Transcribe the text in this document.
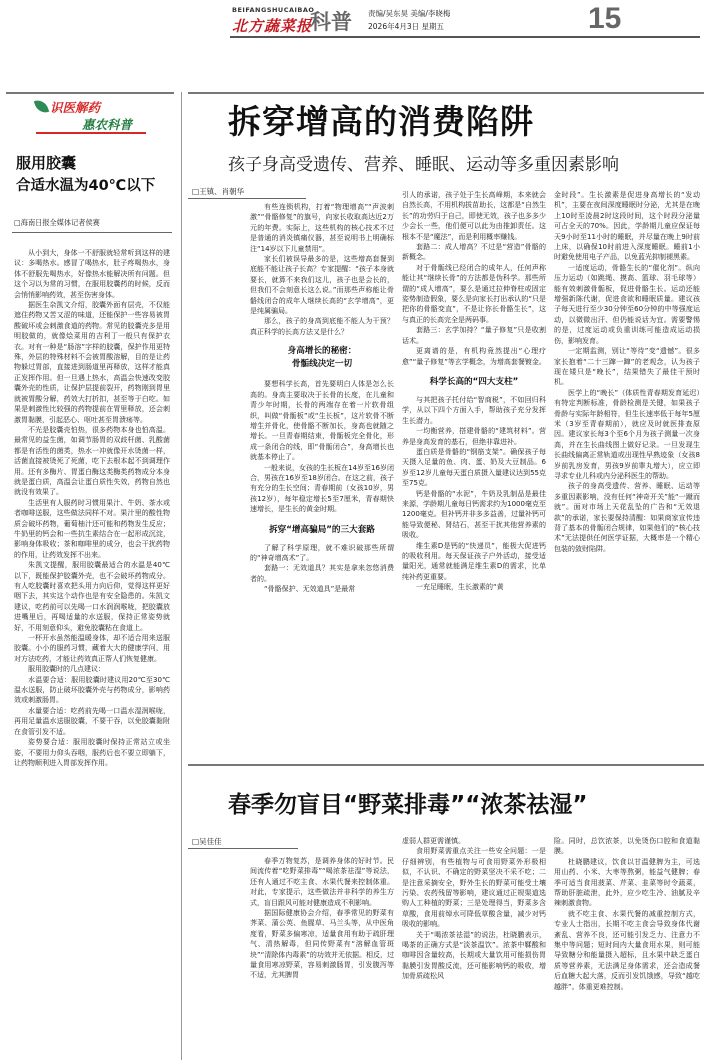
BEIFANGSHUCAIBAO
北方蔬菜报
科普 责编/吴东昊 美编/李晓梅
2026年4月3日 星期五	15
识医解药
惠农科普
服用胶囊
合适水温为40℃以下
□海南日报全媒体记者侯赛

从小到大，身体一不舒服就轻常听到这样的建议：多喝热水。感冒了喝热水，肚子疼喝热水，身体不舒服先喝热水，好像热水能解决所有问题。但这个习以为常的习惯，在服用胶囊药的时候，反而会悄悄影响药效，甚至伤害身体。

据医生杂凯文介绍，胶囊外面有层壳，不仅能遮住药物又苦又涩的味道，还能保护一些容易被胃酸破坏或会刺激食道的药物。常见的胶囊壳多是用明胶做的，就像烩菜用的吉利丁一般只有保护衣衣。对有一种是“肠溶”字样的胶囊，保护作用更特殊，外层的特殊材料不会被胃酸溶解，目的是让药物躲过胃部，直接进到肠道里再释放，这样才能真正发挥作用。但一旦遇上热水，高温会快速改变胶囊外壳的性质，让保护层提前裂开，药物刚到胃里就被胃酸分解，药效大打折扣，甚至等于白吃。如果是刺激性比较强的药物提前在胃里释放，还会刺激胃黏膜，引起恶心、呕吐甚至胃溃疡等。

不光是胶囊壳怕热，很多药物本身也怕高温。最常见的益生菌，如调节肠胃的双歧杆菌、乳酸菌都是有活性的菌类，热水一冲就像开水烫菌一样，活菌直接被烫死了死菌，吃下去根本起不到调理作用。还有多酶片、胃蛋白酶这类酶类药物成分本身就是蛋白质，高温会让蛋白质性失效，药物自然也就没有效果了。

生活里有人服药时习惯用果汁、牛奶、茶水或者咖啡送服，这些做法同样不对。果汁里的酸性物质会破坏药物，葡萄柚汁还可能和药物发生反应；牛奶里的钙会和一些抗生素结合在一起形成沉淀，影响身体吸收；茶和咖啡里的成分，也会干扰药物的作用，让药效发挥不出来。

朱凯文提醒，服用胶囊最适合的水温是40℃以下，既能保护胶囊外壳，也不会破坏药物成分。有人吃胶囊时喜欢把头用力向后仰，觉得这样更好咽下去，其实这个动作也是有安全隐患的。朱凯文建议，吃药前可以先喝一口水润润喉咙，把胶囊放进嘴里后，再喝适量的水送服，保持正常姿势就好，不用刻意仰头，避免胶囊粘在食道上。

一杯开水虽然能温暖身体，却不适合用来送服胶囊。小小的服药习惯，藏着大大的健康学问，用对方法吃药，才能让药效真正帮人们恢复健康。

服用胶囊时的几点建议：

水温要合适：服用胶囊时建议用20℃至30℃温水送服，防止破坏胶囊外壳与药物成分，影响药效或刺激肠胃。

水量要合适：吃药前先喝一口温水湿润喉咙，再用足量温水送服胶囊，不要干吞，以免胶囊黏附在食管引发不适。

姿势要合适：服用胶囊时保持正常站立或坐姿，不要用力仰头吞咽，服药后也不要立即躺下，让药物顺利进入胃部发挥作用。

拆穿增高的消费陷阱
孩子身高受遗传、营养、睡眠、运动等多重因素影响
□王镇、肖朝华

有些连锁机构，打着“物理增高”“声波刺激”“骨骼修复”的旗号，向家长收取高达近2万元的年费。实际上，这些机构的核心技术不过是普通的消炎镇痛仪器，甚至说明书上明确标注“14岁以下儿童禁用”。

家长们被误导最多的是，这些增高套餐到底能不能让孩子长高？专家提醒：“孩子本身就要长，就算不来我们这儿，孩子也是会长的，但我们不会刻意长这么说。”而那些声称能让骨骼线闭合的成年人继续长高的“玄学增高”，更是纯属骗局。

那么，孩子的身高到底能不能人为干预？真正科学的长高方法又是什么？

身高增长的秘密：
骨骺线决定一切

要想科学长高，首先要明白人体是怎么长高的。身高主要取决于长骨的长度，在儿童和青少年时期，长骨的两端存在着一片软骨组织，叫做“骨骺板”或“生长板”，这片软骨不断增生并骨化，使骨骼不断加长，身高也就随之增长。一旦青春期结束，骨骺板完全骨化，形成一条闭合的线，即“骨骺闭合”，身高增长也就基本停止了。

一般来说，女孩的生长板在14岁至16岁闭合，男孩在16岁至18岁闭合。在这之前，孩子有充分的生长空间；青春期前（女孩10岁，男孩12岁），每年稳定增长5至7厘米，青春期快速增长，是生长的黄金时期。

拆穿“增高骗局”的三大套路

了解了科学原理，就不难识破那些所谓的“神奇增高术”了。

套路一：无效道具？其实是拿来忽悠消费者的。

“骨骼保护、无效道具”是最常

引人的承诺，孩子处于生长高峰期，本来就会自然长高，不用机构拔苗助长，这都是“自然生长”的功劳归于自己，即使无效，孩子也多多少少会长一些，他们便可以此为由推卸责任。这根本不是“魔法”，而是利用概率赚钱。

套路二：成人增高？不过是“营造”骨骼的新概念。

对于骨骺线已经闭合的成年人，任何声称能让其“继续长骨”的方法都是伪科学。那些所谓的“成人增高”，要么是通过拉伸脊柱或固定姿势制造假象，要么是向家长打出承认的“只是把你的骨骼变直”，不是让你长骨骼生长”，这与真正的长高完全是两码事。

套路三：玄学加持？“量子修复”只是收割话术。

更离谱的是，有机构竟然提出“心理疗愈”“量子修复”等玄学概念，为增高套餐镀金。

科学长高的“四大支柱”

与其把孩子托付给“智商税”，不如回归科学，从以下四个方面入手，帮助孩子充分发挥生长潜力。

一均衡营养，搭建骨骼的“建筑材料”。营养是身高发育的基石，但绝非靠进补。

蛋白质是骨骼的“钢筋支架”。确保孩子每天摄入足量的鱼、肉、蛋、奶及大豆制品。6岁至12岁儿童每天蛋白质摄入量建议达到55克至75克。

钙是骨骼的“水泥”，牛奶及乳制品是最佳来源，学龄期儿童每日钙需求约为1000毫克至1200毫克。但补钙并非多多益善，过量补钙可能导致便秘、肾结石，甚至干扰其他营养素的吸收。

维生素D是钙的“快递员”，能极大促进钙的吸收利用。每天保证孩子户外活动，接受适量阳光，通常就能满足维生素D的需求，比单纯补药更重要。

一充足睡眠，生长激素的“黄

金时段”。生长激素是促进身高增长的“发动机”，主要在夜间深度睡眠时分泌，尤其是在晚上10时至凌晨2时这段时间，这个时段分泌量可占全天的70%。因此，学龄期儿童应保证每天9小时至11小时的睡眠，并尽量在晚上9时前上床，以确保10时前进入深度睡眠。睡前1小时避免使用电子产品，以免蓝光抑制褪黑素。

一适度运动，骨骼生长的“催化剂”。纵向压力运动（如跳绳、摸高、篮球、羽毛球等）能有效刺激骨骺板，促进骨骼生长。运动还能增强新陈代谢，促进食欲和睡眠质量。建议孩子每天进行至少30分钟至60分钟的中等强度运动，以微微出汗、但仍能说话为宜。需要警惕的是，过度运动或负重训练可能造成运动损伤，影响发育。

一定期监测，别让“等待”变“遗憾”。很多家长抱着“二十三蹿一蹿”的老观念，认为孩子现在矮只是“晚长”，结果错失了最佳干预时机。

医学上的“晚长”（体质性青春期发育延迟）有特定判断标准，骨龄检测是关键，如果孩子骨龄与实际年龄相符，但生长速率低于每年5厘米（3岁至青春期前），就应及时就医排查原因。建议家长每3个至6个月为孩子测量一次身高，并在生长曲线图上做好记录。一旦发现生长曲线偏离正常轨道或出现性早熟迹象（女孩8岁前乳房发育，男孩9岁前睾丸增大），应立即寻求专业儿科或内分泌科医生的帮助。

孩子的身高受遗传、营养、睡眠、运动等多重因素影响，没有任何“神奇开关”能“一蹴而就”。面对市场上天花乱坠的广告和“无效退款”的承诺，家长要保持清醒：如果商家宣传违背了基本的骨骺闭合规律，如果他们的“核心技术”无法提供任何医学证据，大概率是一个精心包装的敛财陷阱。

春季勿盲目“野菜排毒”“浓茶祛湿”
□吴佳佳

春季万物复苏，是调养身体的好时节。民间流传着“吃野菜排毒”“喝浓茶祛湿”等说法，还有人通过不吃主食、水果代餐来控制体重。对此，专家提示，这些做法并非科学的养生方式，盲目跟风可能对健康造成不利影响。

据国际健康协会介绍，春季常见的野菜有荠菜、蒲公英、鱼腥草、马兰头等，从中医角度看，野菜多偏寒凉，适量食用有助于疏肝理气、清热解毒，但同传野菜有“溶解血管斑块”“清除体内毒素”的功效并无依据。相反，过量食用寒凉野菜，容易刺激肠胃，引发腹泻等不适，尤其脾胃

虚弱人群更需谨慎。

食用野菜需重点关注一些安全问题：一是仔细辨别，有些植物与可食用野菜外形极相似，不认识、不确定的野菜坚决不采不吃；二是注意采摘安全，野外生长的野菜可能受土壤污染、农药残留等影响，建议通过正规渠道选购人工种植的野菜；三是处理得当，野菜多含草酸，食用前焯水可降低草酸含量，减少对钙吸收的影响。

关于“喝浓茶祛湿”的说法，杜晓鹏表示，喝茶的正确方式是“淡茶温饮”。浓茶中鞣酸和咖啡因含量较高，长期或大量饮用可能损伤胃黏膜引发胃酸反流，还可能影响钙的吸收，增加骨质疏松风

险。同时，总饮浓茶，以免烫伤口腔和食道黏膜。

杜晓鹏建议，饮食以甘温健脾为主，可选用山药、小米、大枣等熬粥，能益气健脾；春季可适当食用菠菜、芹菜、韭菜等时令蔬菜，帮助肝脏疏泄，此外，应少吃生冷、油腻及辛辣刺激食物。

就不吃主食、水果代餐的减重控制方式，专业人士指出，长期不吃主食会导致身体代谢紊乱、营养不良，还可能引发乏力、注意力不集中等问题；短时间内大量食用水果，则可能导致糖分和能量摄入超标，且水果中缺乏蛋白质等营养素，无法满足身体需求，还会造成餐后血糖大起大落，反而引发饥饿感，导致“越吃越胖”。体重更难控制。
